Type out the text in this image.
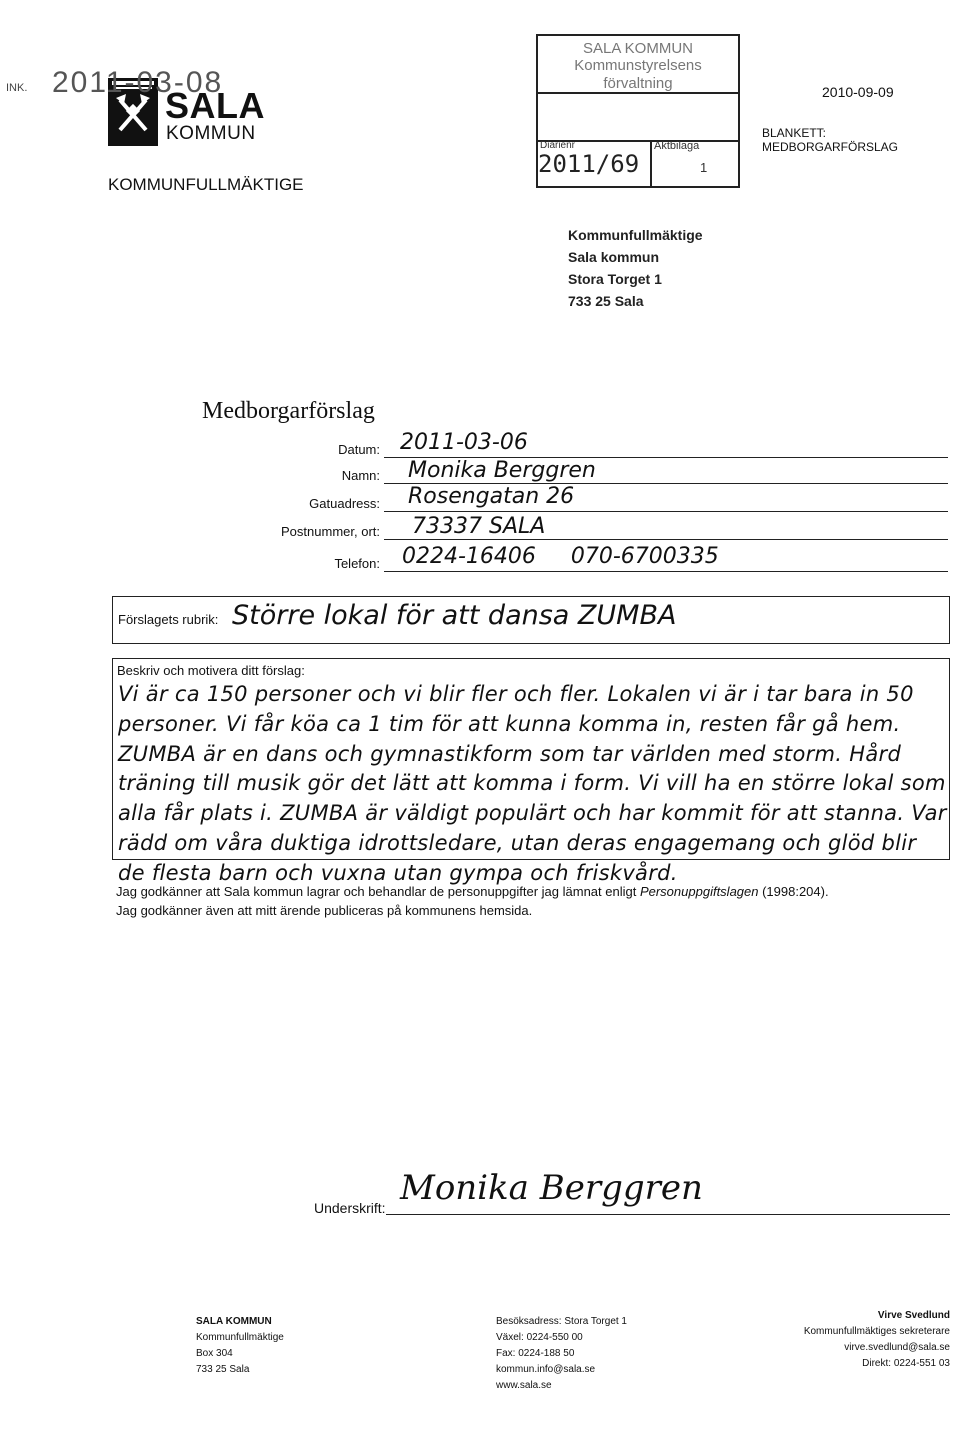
SALA
KOMMUN
KOMMUNFULLMÄKTIGE
SALA KOMMUN
Kommunstyrelsens förvaltning
INK. 2011-03-08
Diarienr
2011/69
Aktbilaga
1
2010-09-09
BLANKETT: MEDBORGARFÖRSLAG
Kommunfullmäktige
Sala kommun
Stora Torget 1
733 25 Sala
Medborgarförslag
Datum: 2011-03-06
Namn: Monika Berggren
Gatuadress: Rosengatan 26
Postnummer, ort: 73337 SALA
Telefon: 0224-16406     070-6700335
Förslagets rubrik: Större lokal för att dansa ZUMBA
Beskriv och motivera ditt förslag:
Vi är ca 150 personer och vi blir fler och fler. Lokalen vi är i tar bara in 50 personer. Vi får köa ca 1 tim för att kunna komma in, resten får gå hem. ZUMBA är en dans och gymnastikform som tar världen med storm. Hård träning till musik gör det lätt att komma i form. Vi vill ha en större lokal som alla får plats i. ZUMBA är väldigt populärt och har kommit för att stanna. Var rädd om våra duktiga idrottsledare, utan deras engagemang och glöd blir de flesta barn och vuxna utan gympa och friskvård.
Jag godkänner att Sala kommun lagrar och behandlar de personuppgifter jag lämnat enligt Personuppgiftslagen (1998:204).
Jag godkänner även att mitt ärende publiceras på kommunens hemsida.
Underskrift: Monika Berggren
SALA KOMMUN
Kommunfullmäktige
Box 304
733 25 Sala
Besöksadress: Stora Torget 1
Växel: 0224-550 00
Fax: 0224-188 50
kommun.info@sala.se
www.sala.se
Virve Svedlund
Kommunfullmäktiges sekreterare
virve.svedlund@sala.se
Direkt: 0224-551 03
